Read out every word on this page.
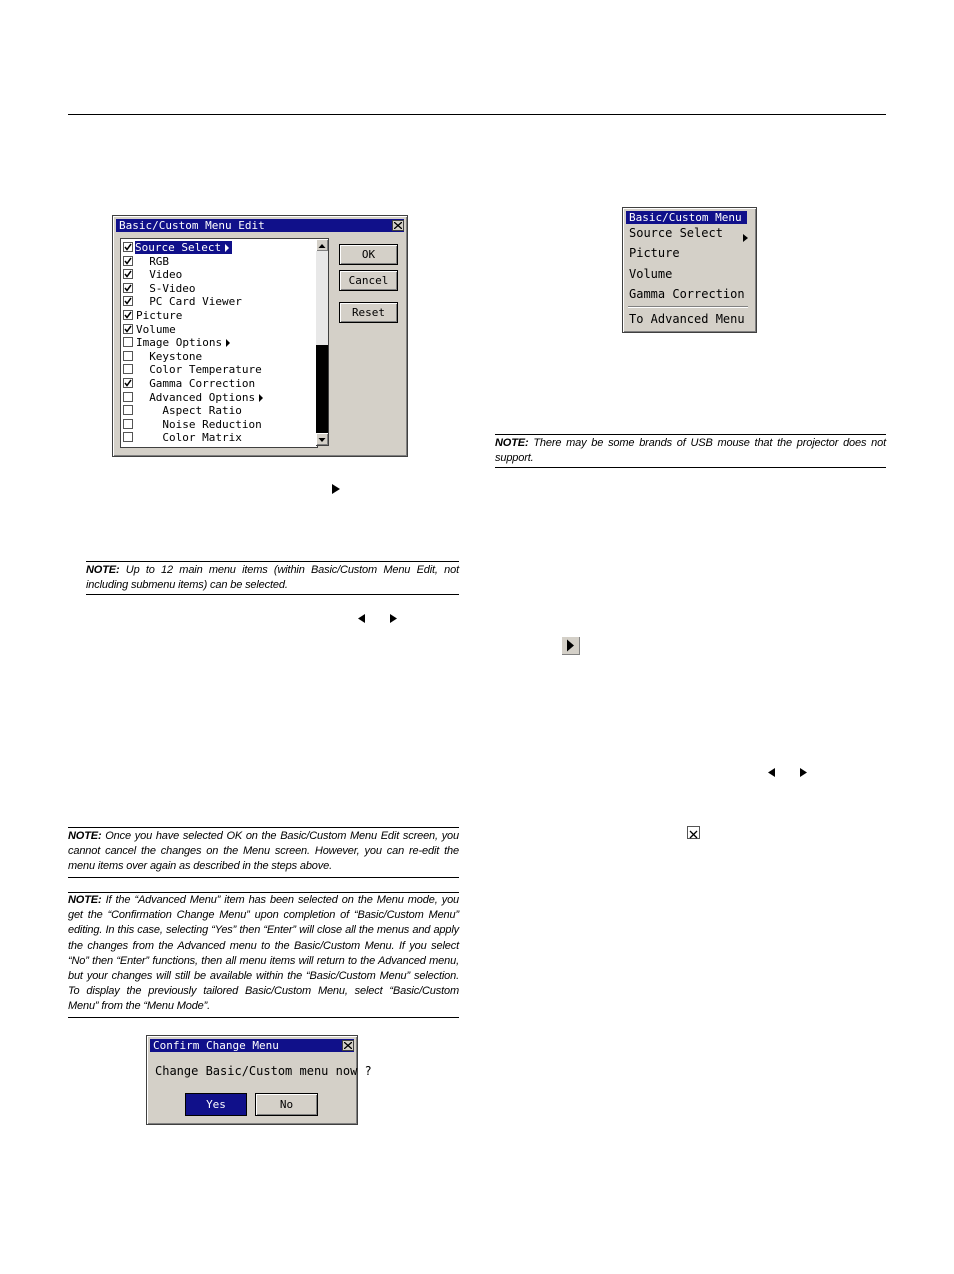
Basic/Custom Menu Edit
Source Select
RGB
Video
S-Video
PC Card Viewer
Picture
Volume
Image Options
Keystone
Color Temperature
Gamma Correction
Advanced Options
Aspect Ratio
Noise Reduction
Color Matrix
OK
Cancel
Reset
NOTE: Up to 12 main menu items (within Basic/Custom Menu Edit, not including submenu items) can be selected.
NOTE: Once you have selected OK on the Basic/Custom Menu Edit screen, you cannot cancel the changes on the Menu screen. However, you can re-edit the menu items over again as described in the steps above.
NOTE: If the “Advanced Menu” item has been selected on the Menu mode, you get the “Confirmation Change Menu” upon completion of “Basic/Custom Menu” editing. In this case, selecting “Yes” then “Enter” will close all the menus and apply the changes from the Advanced menu to the Basic/Custom Menu. If you select “No” then “Enter” functions, then all menu items will return to the Advanced menu, but your changes will still be available within the “Basic/Custom Menu” selection. To display the previously tailored Basic/Custom Menu, select “Basic/Custom Menu” from the “Menu Mode”.
Confirm Change Menu
Change Basic/Custom menu now ?
Yes	No
Basic/Custom Menu
Source Select
Picture
Volume
Gamma Correction
To Advanced Menu
NOTE: There may be some brands of USB mouse that the projector does not support.
